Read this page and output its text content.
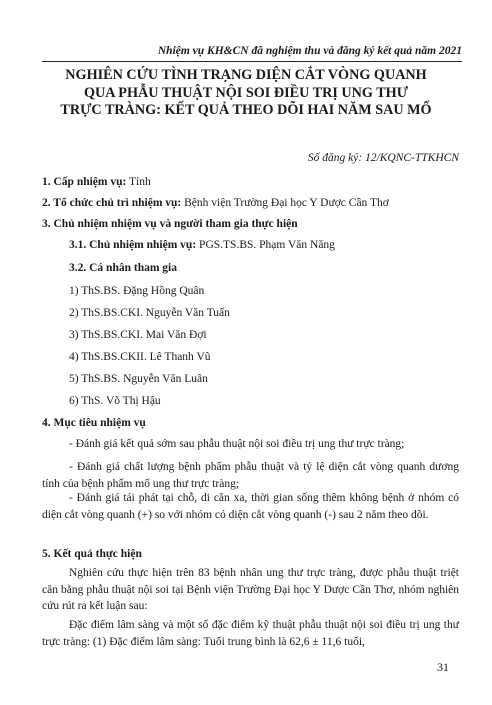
Nhiệm vụ KH&CN đã nghiệm thu và đăng ký kết quả năm 2021
NGHIÊN CỨU TÌNH TRẠNG DIỆN CẮT VÒNG QUANH
QUA PHẪU THUẬT NỘI SOI ĐIỀU TRỊ UNG THƯ
TRỰC TRÀNG: KẾT QUẢ THEO DÕI HAI NĂM SAU MỔ
Số đăng ký: 12/KQNC-TTKHCN
1. Cấp nhiệm vụ: Tỉnh
2. Tổ chức chủ trì nhiệm vụ: Bệnh viện Trường Đại học Y Dược Cần Thơ
3. Chủ nhiệm nhiệm vụ và người tham gia thực hiện
3.1. Chủ nhiệm nhiệm vụ: PGS.TS.BS. Phạm Văn Năng
3.2. Cá nhân tham gia
1) ThS.BS. Đặng Hồng Quân
2) ThS.BS.CKI. Nguyễn Văn Tuấn
3) ThS.BS.CKI. Mai Văn Đợi
4) ThS.BS.CKII. Lê Thanh Vũ
5) ThS.BS. Nguyễn Văn Luân
6) ThS. Võ Thị Hậu
4. Mục tiêu nhiệm vụ
- Đánh giá kết quả sớm sau phẫu thuật nội soi điều trị ung thư trực tràng;
- Đánh giá chất lượng bệnh phẩm phẫu thuật và tỷ lệ diện cắt vòng quanh dương tính của bệnh phẩm mổ ung thư trực tràng;
- Đánh giá tái phát tại chỗ, di căn xa, thời gian sống thêm không bệnh ở nhóm có diện cắt vòng quanh (+) so với nhóm có diện cắt vòng quanh (-) sau 2 năm theo dõi.
5. Kết quả thực hiện
Nghiên cứu thực hiện trên 83 bệnh nhân ung thư trực tràng, được phẫu thuật triệt căn bằng phẫu thuật nội soi tại Bệnh viện Trường Đại học Y Dược Cần Thơ, nhóm nghiên cứu rút ra kết luận sau:
Đặc điểm lâm sàng và một số đặc điểm kỹ thuật phẫu thuật nội soi điều trị ung thư trực tràng: (1) Đặc điểm lâm sàng: Tuổi trung bình là 62,6 ± 11,6 tuổi,
31
